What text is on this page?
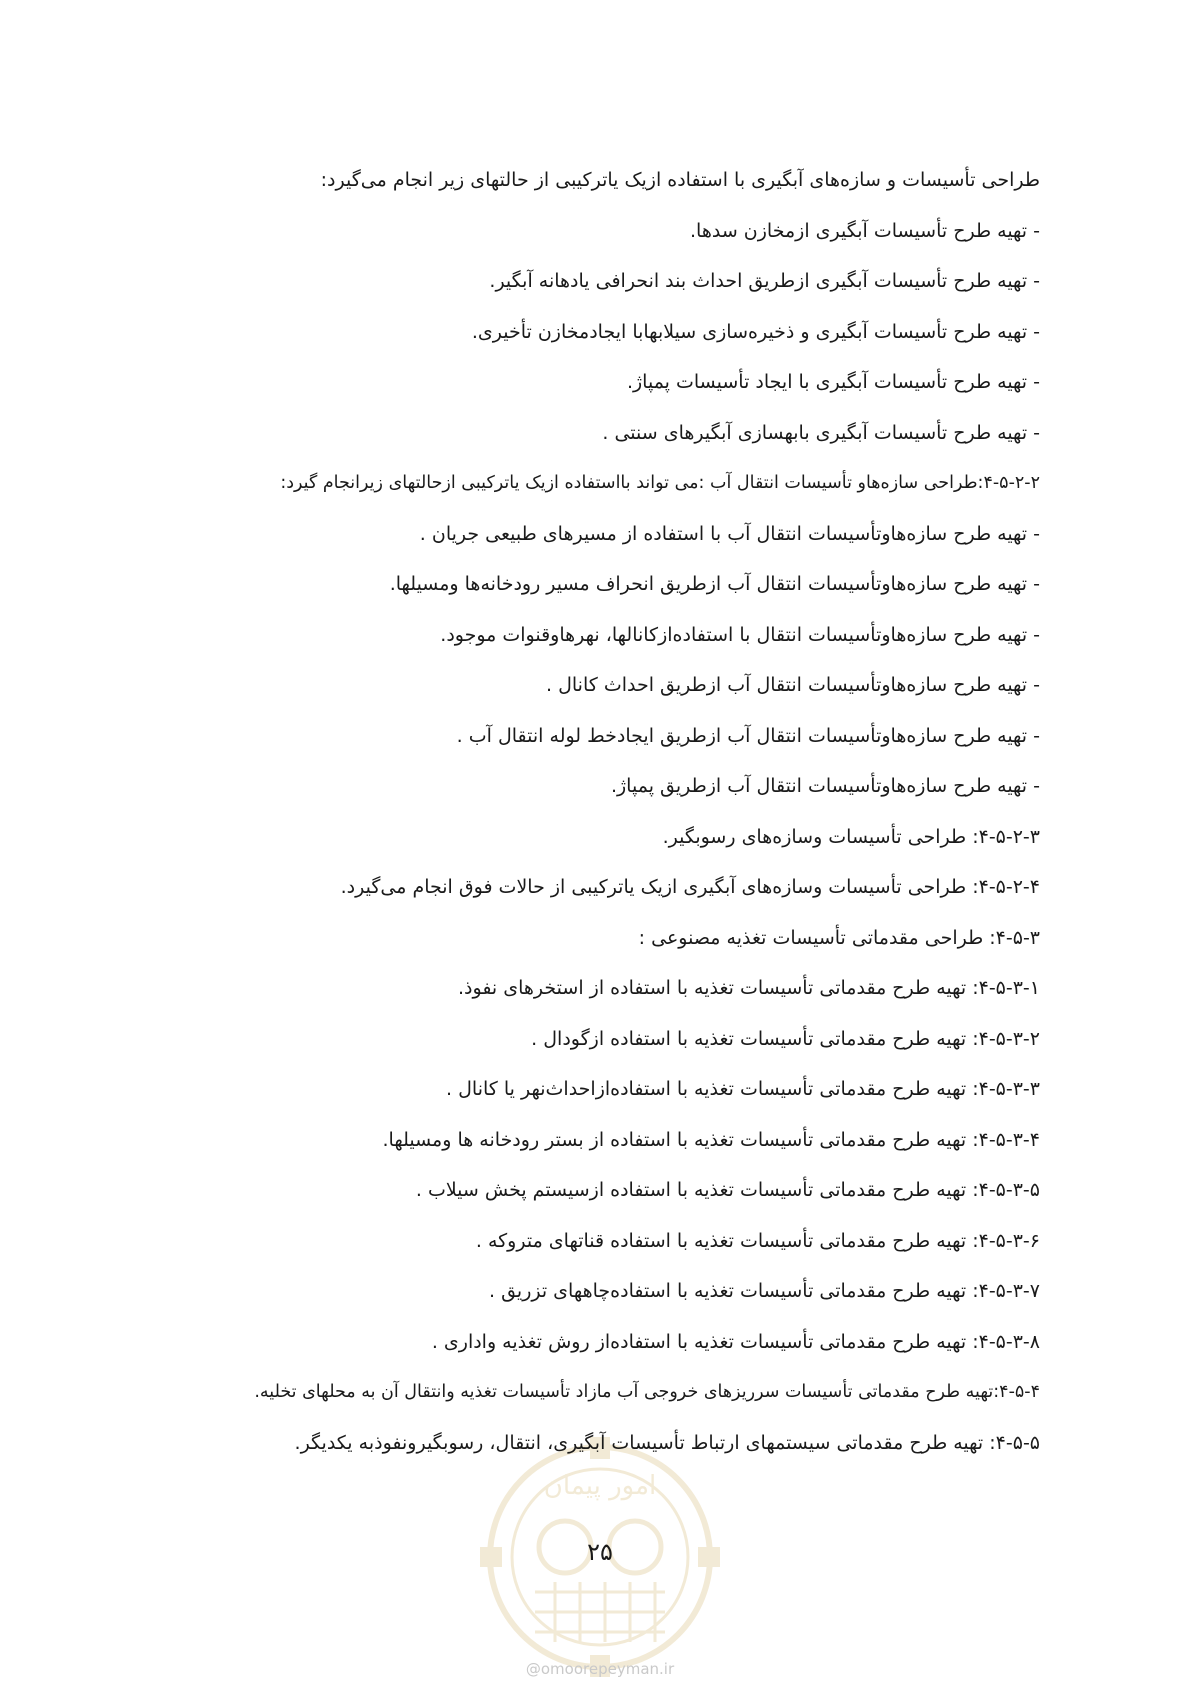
امور پیمان
طراحی تأسیسات و سازه‌های آبگیری با استفاده ازیک یاترکیبی از حالتهای زیر انجام می‌گیرد:
- تهیه طرح تأسیسات آبگیری ازمخازن سدها.
- تهیه طرح تأسیسات آبگیری ازطریق احداث بند انحرافی یادهانه آبگیر.
- تهیه طرح تأسیسات آبگیری و ذخیره‌سازی سیلابهابا ایجادمخازن تأخیری.
- تهیه طرح تأسیسات آبگیری با ایجاد تأسیسات پمپاژ.
- تهیه طرح تأسیسات آبگیری بابهسازی آبگیرهای سنتی .
۴-۵-۲-۲:طراحی سازه‌هاو تأسیسات انتقال آب :می تواند بااستفاده ازیک یاترکیبی ازحالتهای زیرانجام گیرد:
- تهیه طرح سازه‌هاوتأسیسات انتقال آب با استفاده از مسیرهای طبیعی جریان .
- تهیه طرح سازه‌هاوتأسیسات انتقال آب ازطریق انحراف مسیر رودخانه‌ها ومسیلها.
- تهیه طرح سازه‌هاوتأسیسات انتقال با استفاده‌ازکانالها، نهرهاوقنوات موجود.
- تهیه طرح سازه‌هاوتأسیسات انتقال آب ازطریق احداث کانال .
- تهیه طرح سازه‌هاوتأسیسات انتقال آب ازطریق ایجادخط لوله انتقال آب .
- تهیه طرح سازه‌هاوتأسیسات انتقال آب ازطریق پمپاژ.
۴-۵-۲-۳: طراحی تأسیسات وسازه‌های رسوبگیر.
۴-۵-۲-۴: طراحی تأسیسات وسازه‌های آبگیری ازیک یاترکیبی از حالات فوق انجام می‌گیرد.
۴-۵-۳: طراحی مقدماتی تأسیسات تغذیه مصنوعی :
۴-۵-۳-۱: تهیه طرح مقدماتی تأسیسات تغذیه با استفاده از استخرهای نفوذ.
۴-۵-۳-۲: تهیه طرح مقدماتی تأسیسات تغذیه با استفاده ازگودال .
۴-۵-۳-۳: تهیه طرح مقدماتی تأسیسات تغذیه با استفاده‌ازاحداث‌نهر یا کانال .
۴-۵-۳-۴: تهیه طرح مقدماتی تأسیسات تغذیه با استفاده از بستر رودخانه ها ومسیلها.
۴-۵-۳-۵: تهیه طرح مقدماتی تأسیسات تغذیه با استفاده ازسیستم پخش سیلاب .
۴-۵-۳-۶: تهیه طرح مقدماتی تأسیسات تغذیه با استفاده قناتهای متروکه .
۴-۵-۳-۷: تهیه طرح مقدماتی تأسیسات تغذیه با استفاده‌چاههای تزریق .
۴-۵-۳-۸: تهیه طرح مقدماتی تأسیسات تغذیه با استفاده‌از روش تغذیه واداری .
۴-۵-۴:تهیه طرح مقدماتی تأسیسات سرریزهای خروجی آب مازاد تأسیسات تغذیه وانتقال آن به محلهای تخلیه.
۴-۵-۵: تهیه طرح مقدماتی سیستمهای ارتباط تأسیسات آبگیری، انتقال، رسوبگیرونفوذبه یکدیگر.
۲۵
@omoorepeyman.ir
